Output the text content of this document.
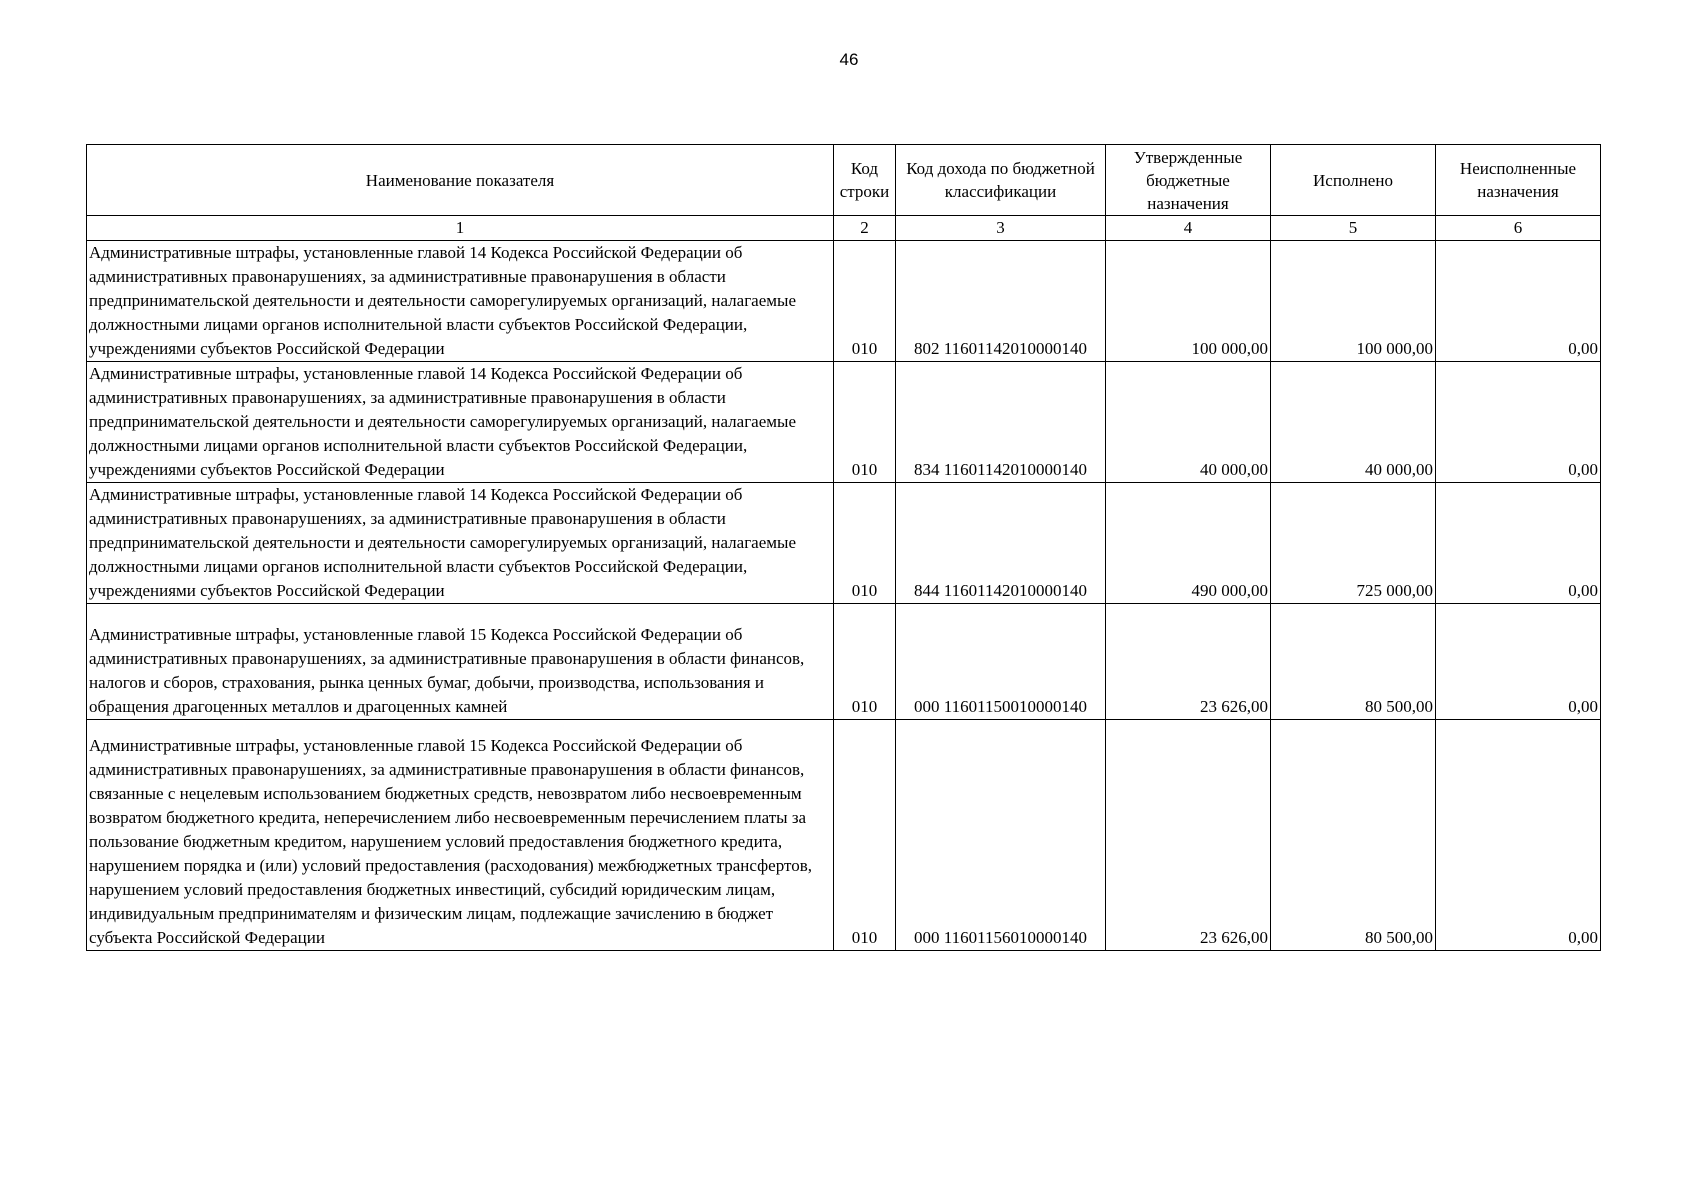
46
Наименование показателя	Код строки	Код дохода по бюджетной классификации	Утвержденные бюджетные назначения	Исполнено	Неисполненные назначения
1	2	3	4	5	6

Административные штрафы, установленные главой 14 Кодекса Российской Федерации об административных правонарушениях, за административные правонарушения в области предпринимательской деятельности и деятельности саморегулируемых организаций, налагаемые должностными лицами органов исполнительной власти субъектов Российской Федерации, учреждениями субъектов Российской Федерации	010	802 11601142010000140	100 000,00	100 000,00	0,00

Административные штрафы, установленные главой 14 Кодекса Российской Федерации об административных правонарушениях, за административные правонарушения в области предпринимательской деятельности и деятельности саморегулируемых организаций, налагаемые должностными лицами органов исполнительной власти субъектов Российской Федерации, учреждениями субъектов Российской Федерации	010	834 11601142010000140	40 000,00	40 000,00	0,00

Административные штрафы, установленные главой 14 Кодекса Российской Федерации об административных правонарушениях, за административные правонарушения в области предпринимательской деятельности и деятельности саморегулируемых организаций, налагаемые должностными лицами органов исполнительной власти субъектов Российской Федерации, учреждениями субъектов Российской Федерации	010	844 11601142010000140	490 000,00	725 000,00	0,00

Административные штрафы, установленные главой 15 Кодекса Российской Федерации об административных правонарушениях, за административные правонарушения в области финансов, налогов и сборов, страхования, рынка ценных бумаг, добычи, производства, использования и обращения драгоценных металлов и драгоценных камней	010	000 11601150010000140	23 626,00	80 500,00	0,00

Административные штрафы, установленные главой 15 Кодекса Российской Федерации об административных правонарушениях, за административные правонарушения в области финансов, связанные с нецелевым использованием бюджетных средств, невозвратом либо несвоевременным возвратом бюджетного кредита, неперечислением либо несвоевременным перечислением платы за пользование бюджетным кредитом, нарушением условий предоставления бюджетного кредита, нарушением порядка и (или) условий предоставления (расходования) межбюджетных трансфертов, нарушением условий предоставления бюджетных инвестиций, субсидий юридическим лицам, индивидуальным предпринимателям и физическим лицам, подлежащие зачислению в бюджет субъекта Российской Федерации	010	000 11601156010000140	23 626,00	80 500,00	0,00
